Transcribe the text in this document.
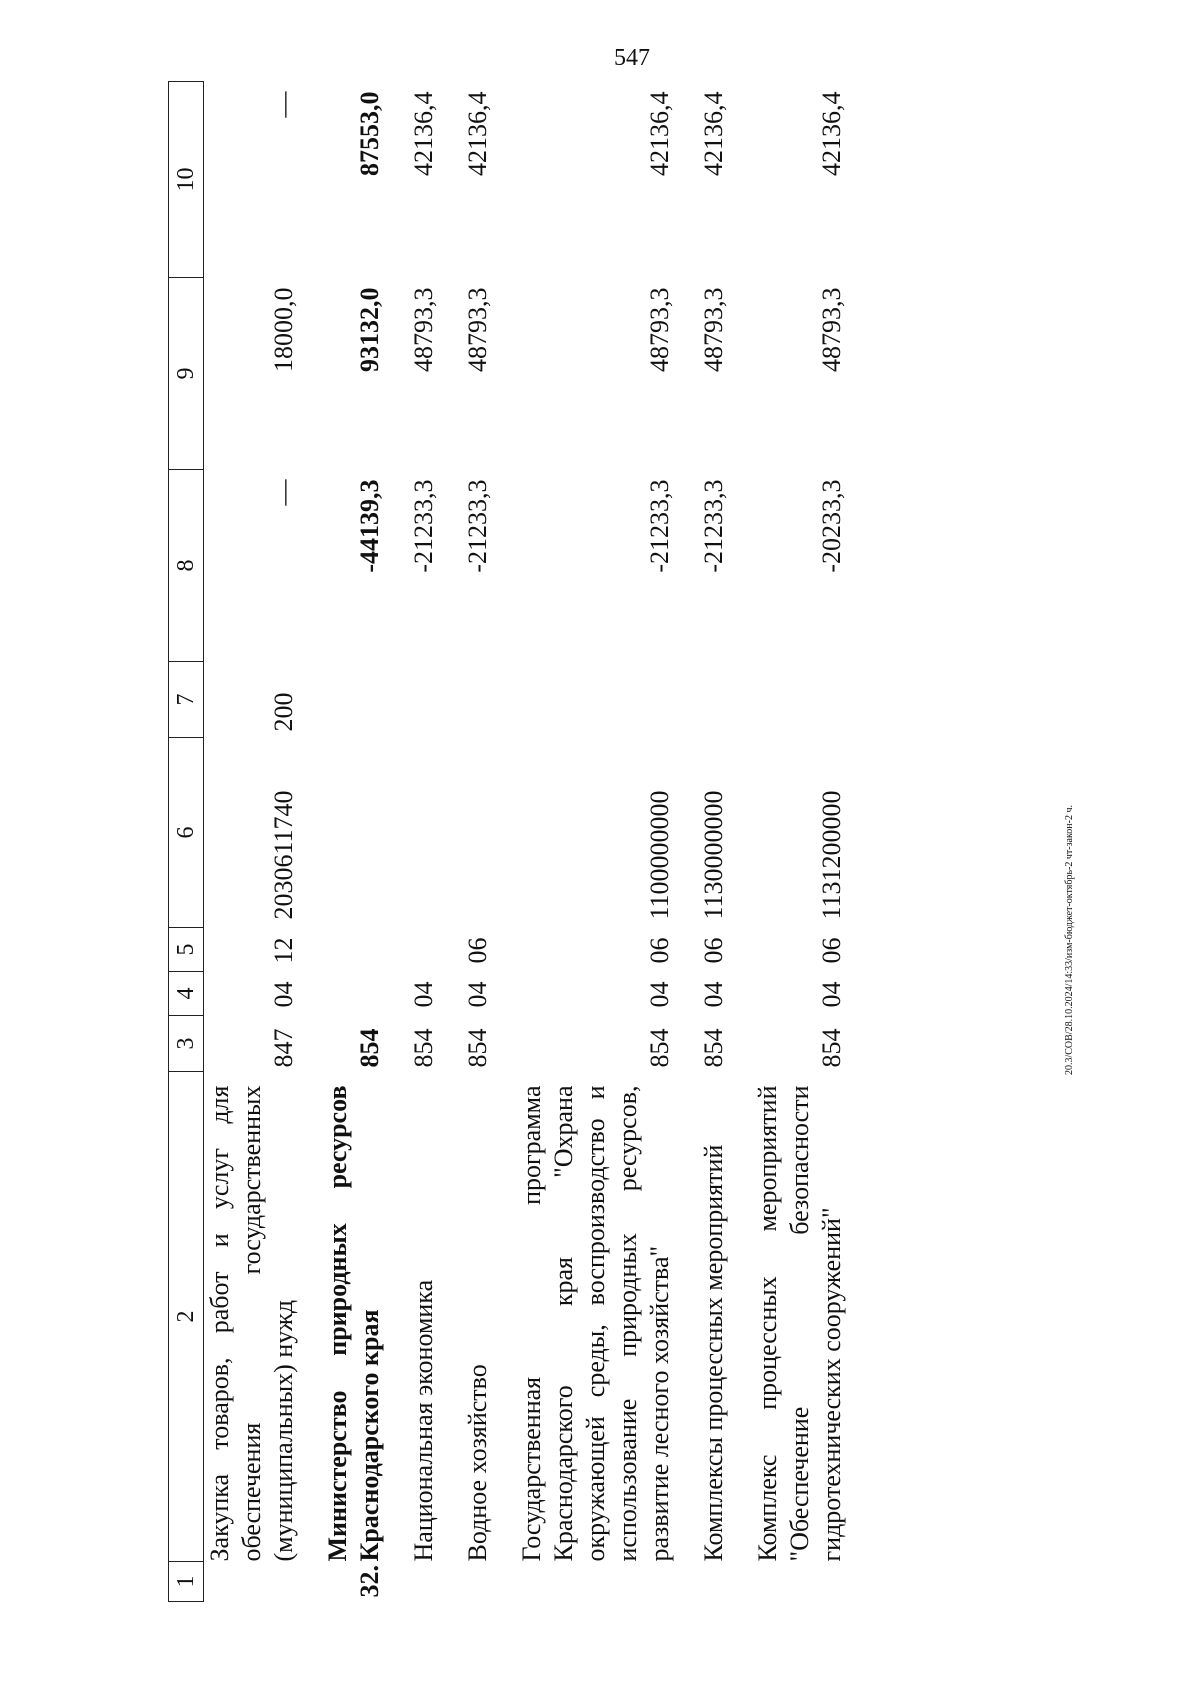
547
20.3/СОВ/28.10.2024/14:33/изм-бюджет-октябрь-2 чт-закон-2 ч.
1	2	3	4	5	6	7	8	9	10
	Закупка товаров, работ и услуг для обеспечения государственных (муниципальных) нужд	847	04	12	2030611740	200	—	18000,0	—
32.	Министерство природных ресурсов Краснодарского края	854					-44139,3	93132,0	87553,0
	Национальная экономика	854	04				-21233,3	48793,3	42136,4
	Водное хозяйство	854	04	06			-21233,3	48793,3	42136,4
	Государственная программа Краснодарского края "Охрана окружающей среды, воспроизводство и использование природных ресурсов, развитие лесного хозяйства"	854	04	06	1100000000		-21233,3	48793,3	42136,4
	Комплексы процессных мероприятий	854	04	06	1130000000		-21233,3	48793,3	42136,4
	Комплекс процессных мероприятий "Обеспечение безопасности гидротехнических сооружений"	854	04	06	1131200000		-20233,3	48793,3	42136,4
